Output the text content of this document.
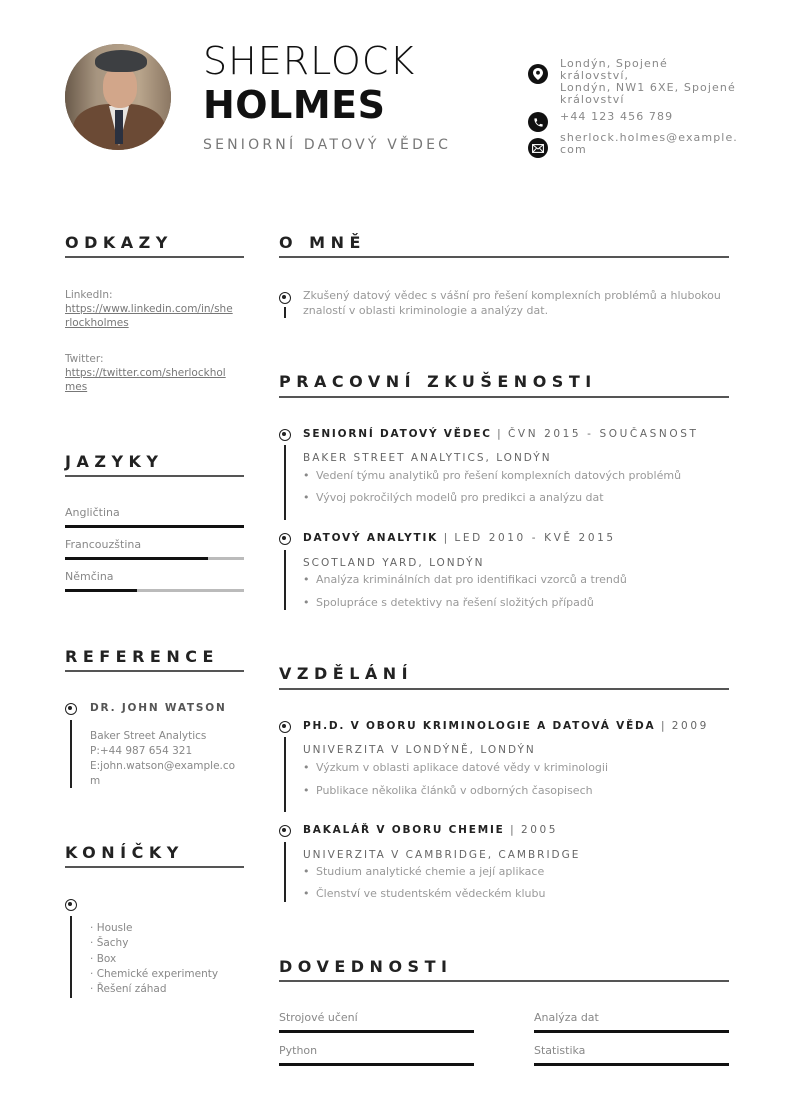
SHERLOCK
HOLMES
SENIORNÍ DATOVÝ VĚDEC
Londýn, Spojené království,
Londýn, NW1 6XE, Spojené
království
+44 123 456 789
sherlock.holmes@example.
com
ODKAZY
LinkedIn:
https://www.linkedin.com/in/she
rlockholmes
Twitter:
https://twitter.com/sherlockhol
mes
JAZYKY
Angličtina
Francouzština
Němčina
REFERENCE
DR. JOHN WATSON
Baker Street Analytics
P:+44 987 654 321
E:john.watson@example.co
m
KONÍČKY
· Housle
· Šachy
· Box
· Chemické experimenty
· Řešení záhad
O MNĚ
Zkušený datový vědec s vášní pro řešení komplexních problémů a hlubokou
znalostí v oblasti kriminologie a analýzy dat.
PRACOVNÍ ZKUŠENOSTI
SENIORNÍ DATOVÝ VĚDEC | ČVN 2015 - SOUČASNOST
BAKER STREET ANALYTICS, LONDÝN
• Vedení týmu analytiků pro řešení komplexních datových problémů
• Vývoj pokročilých modelů pro predikci a analýzu dat
DATOVÝ ANALYTIK | LED 2010 - KVĚ 2015
SCOTLAND YARD, LONDÝN
• Analýza kriminálních dat pro identifikaci vzorců a trendů
• Spolupráce s detektivy na řešení složitých případů
VZDĚLÁNÍ
PH.D. V OBORU KRIMINOLOGIE A DATOVÁ VĚDA | 2009
UNIVERZITA V LONDÝNĚ, LONDÝN
• Výzkum v oblasti aplikace datové vědy v kriminologii
• Publikace několika článků v odborných časopisech
BAKALÁŘ V OBORU CHEMIE | 2005
UNIVERZITA V CAMBRIDGE, CAMBRIDGE
• Studium analytické chemie a její aplikace
• Členství ve studentském vědeckém klubu
DOVEDNOSTI
Strojové učení	Analýza dat
Python	Statistika
